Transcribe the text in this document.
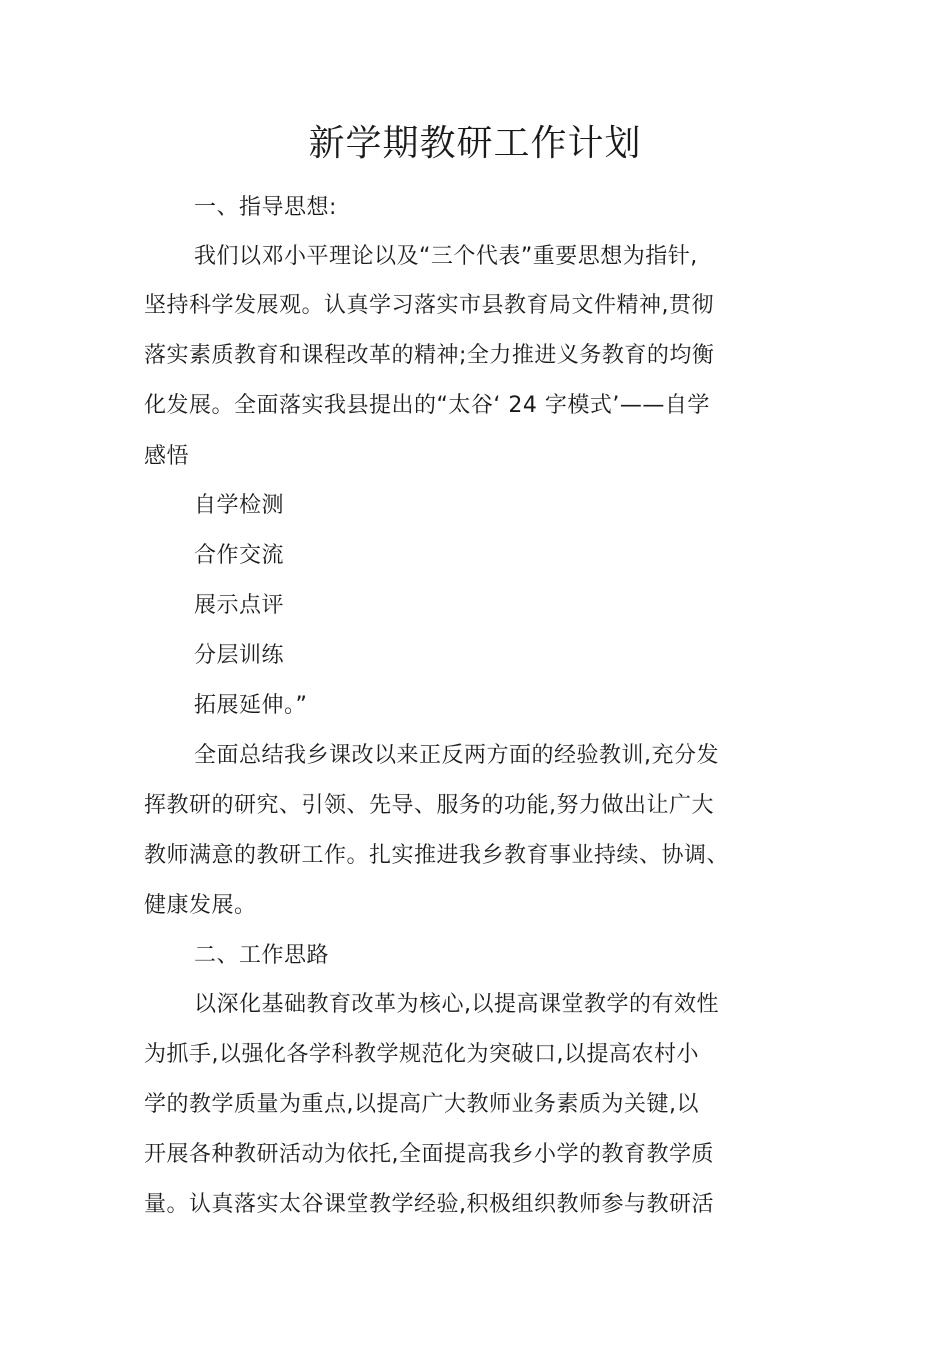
新学期教研工作计划
一、指导思想:
我们以邓小平理论以及“三个代表”重要思想为指针,
坚持科学发展观。认真学习落实市县教育局文件精神,贯彻
落实素质教育和课程改革的精神;全力推进义务教育的均衡
化发展。全面落实我县提出的“太谷‘ 24 字模式’——自学
感悟
自学检测
合作交流
展示点评
分层训练
拓展延伸。”
全面总结我乡课改以来正反两方面的经验教训,充分发
挥教研的研究、引领、先导、服务的功能,努力做出让广大
教师满意的教研工作。扎实推进我乡教育事业持续、协调、
健康发展。
二、工作思路
以深化基础教育改革为核心,以提高课堂教学的有效性
为抓手,以强化各学科教学规范化为突破口,以提高农村小
学的教学质量为重点,以提高广大教师业务素质为关键,以
开展各种教研活动为依托,全面提高我乡小学的教育教学质
量。认真落实太谷课堂教学经验,积极组织教师参与教研活
